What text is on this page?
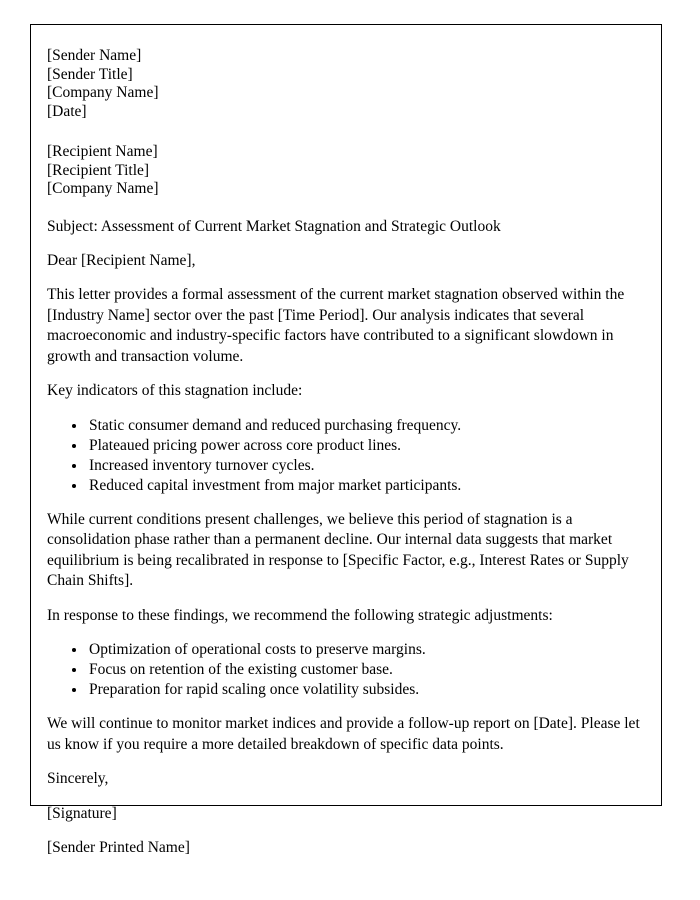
[Sender Name]
[Sender Title]
[Company Name]
[Date]
[Recipient Name]
[Recipient Title]
[Company Name]
Subject: Assessment of Current Market Stagnation and Strategic Outlook
Dear [Recipient Name],
This letter provides a formal assessment of the current market stagnation observed within the [Industry Name] sector over the past [Time Period]. Our analysis indicates that several macroeconomic and industry-specific factors have contributed to a significant slowdown in growth and transaction volume.
Key indicators of this stagnation include:
• Static consumer demand and reduced purchasing frequency.
• Plateaued pricing power across core product lines.
• Increased inventory turnover cycles.
• Reduced capital investment from major market participants.
While current conditions present challenges, we believe this period of stagnation is a consolidation phase rather than a permanent decline. Our internal data suggests that market equilibrium is being recalibrated in response to [Specific Factor, e.g., Interest Rates or Supply Chain Shifts].
In response to these findings, we recommend the following strategic adjustments:
• Optimization of operational costs to preserve margins.
• Focus on retention of the existing customer base.
• Preparation for rapid scaling once volatility subsides.
We will continue to monitor market indices and provide a follow-up report on [Date]. Please let us know if you require a more detailed breakdown of specific data points.
Sincerely,
[Signature]
[Sender Printed Name]
